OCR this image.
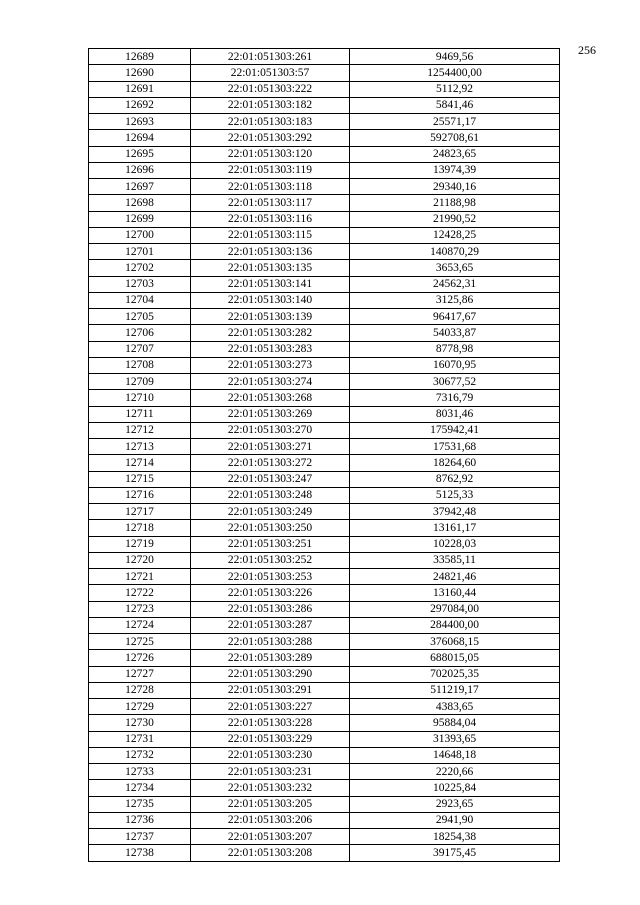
256
12689	22:01:051303:261	9469,56
12690	22:01:051303:57	1254400,00
12691	22:01:051303:222	5112,92
12692	22:01:051303:182	5841,46
12693	22:01:051303:183	25571,17
12694	22:01:051303:292	592708,61
12695	22:01:051303:120	24823,65
12696	22:01:051303:119	13974,39
12697	22:01:051303:118	29340,16
12698	22:01:051303:117	21188,98
12699	22:01:051303:116	21990,52
12700	22:01:051303:115	12428,25
12701	22:01:051303:136	140870,29
12702	22:01:051303:135	3653,65
12703	22:01:051303:141	24562,31
12704	22:01:051303:140	3125,86
12705	22:01:051303:139	96417,67
12706	22:01:051303:282	54033,87
12707	22:01:051303:283	8778,98
12708	22:01:051303:273	16070,95
12709	22:01:051303:274	30677,52
12710	22:01:051303:268	7316,79
12711	22:01:051303:269	8031,46
12712	22:01:051303:270	175942,41
12713	22:01:051303:271	17531,68
12714	22:01:051303:272	18264,60
12715	22:01:051303:247	8762,92
12716	22:01:051303:248	5125,33
12717	22:01:051303:249	37942,48
12718	22:01:051303:250	13161,17
12719	22:01:051303:251	10228,03
12720	22:01:051303:252	33585,11
12721	22:01:051303:253	24821,46
12722	22:01:051303:226	13160,44
12723	22:01:051303:286	297084,00
12724	22:01:051303:287	284400,00
12725	22:01:051303:288	376068,15
12726	22:01:051303:289	688015,05
12727	22:01:051303:290	702025,35
12728	22:01:051303:291	511219,17
12729	22:01:051303:227	4383,65
12730	22:01:051303:228	95884,04
12731	22:01:051303:229	31393,65
12732	22:01:051303:230	14648,18
12733	22:01:051303:231	2220,66
12734	22:01:051303:232	10225,84
12735	22:01:051303:205	2923,65
12736	22:01:051303:206	2941,90
12737	22:01:051303:207	18254,38
12738	22:01:051303:208	39175,45
